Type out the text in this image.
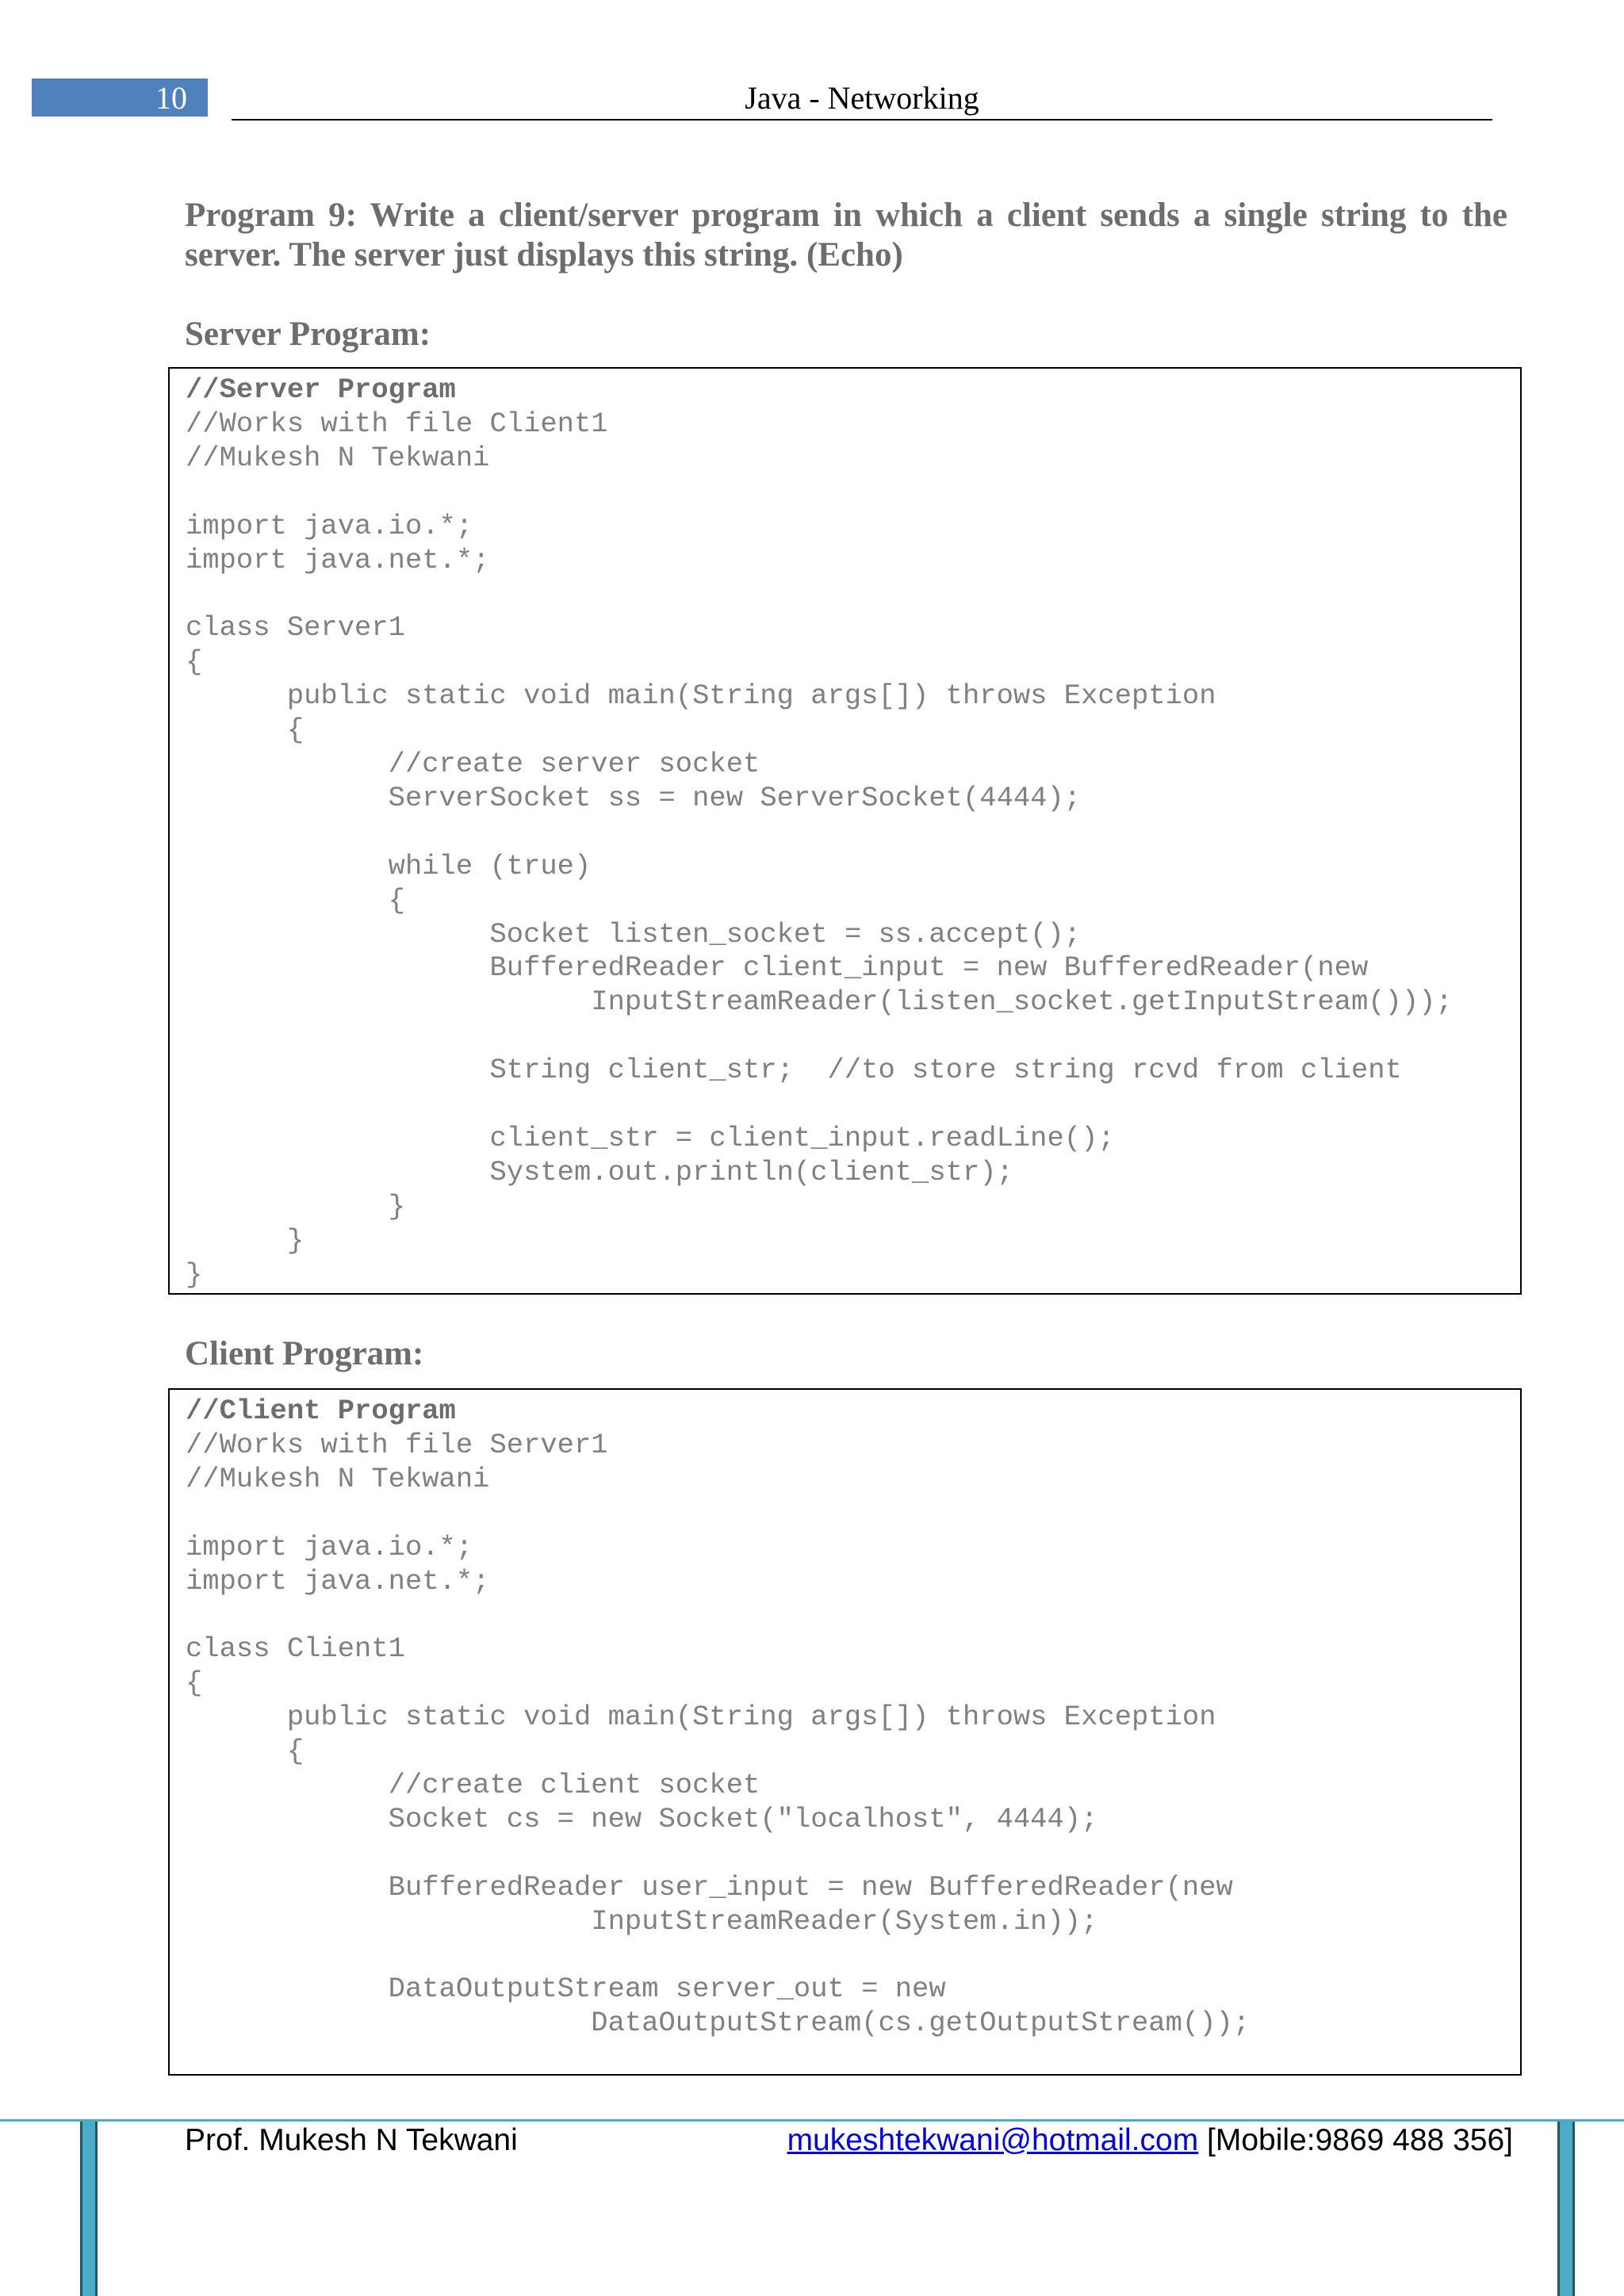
10	Java - Networking
Program 9: Write a client/server program in which a client sends a single string to the
server. The server just displays this string. (Echo)
Server Program:
//Server Program
//Works with file Client1
//Mukesh N Tekwani

import java.io.*;
import java.net.*;

class Server1
{
public static void main(String args[]) throws Exception
{
//create server socket
ServerSocket ss = new ServerSocket(4444);

while (true)
{
Socket listen_socket = ss.accept();
BufferedReader client_input = new BufferedReader(new
InputStreamReader(listen_socket.getInputStream()));

String client_str;  //to store string rcvd from client

client_str = client_input.readLine();
System.out.println(client_str);
}
}
}
Client Program:
//Client Program
//Works with file Server1
//Mukesh N Tekwani

import java.io.*;
import java.net.*;

class Client1
{
public static void main(String args[]) throws Exception
{
//create client socket
Socket cs = new Socket("localhost", 4444);

BufferedReader user_input = new BufferedReader(new
InputStreamReader(System.in));

DataOutputStream server_out = new
DataOutputStream(cs.getOutputStream());
Prof. Mukesh N Tekwani	mukeshtekwani@hotmail.com [Mobile:9869 488 356]
